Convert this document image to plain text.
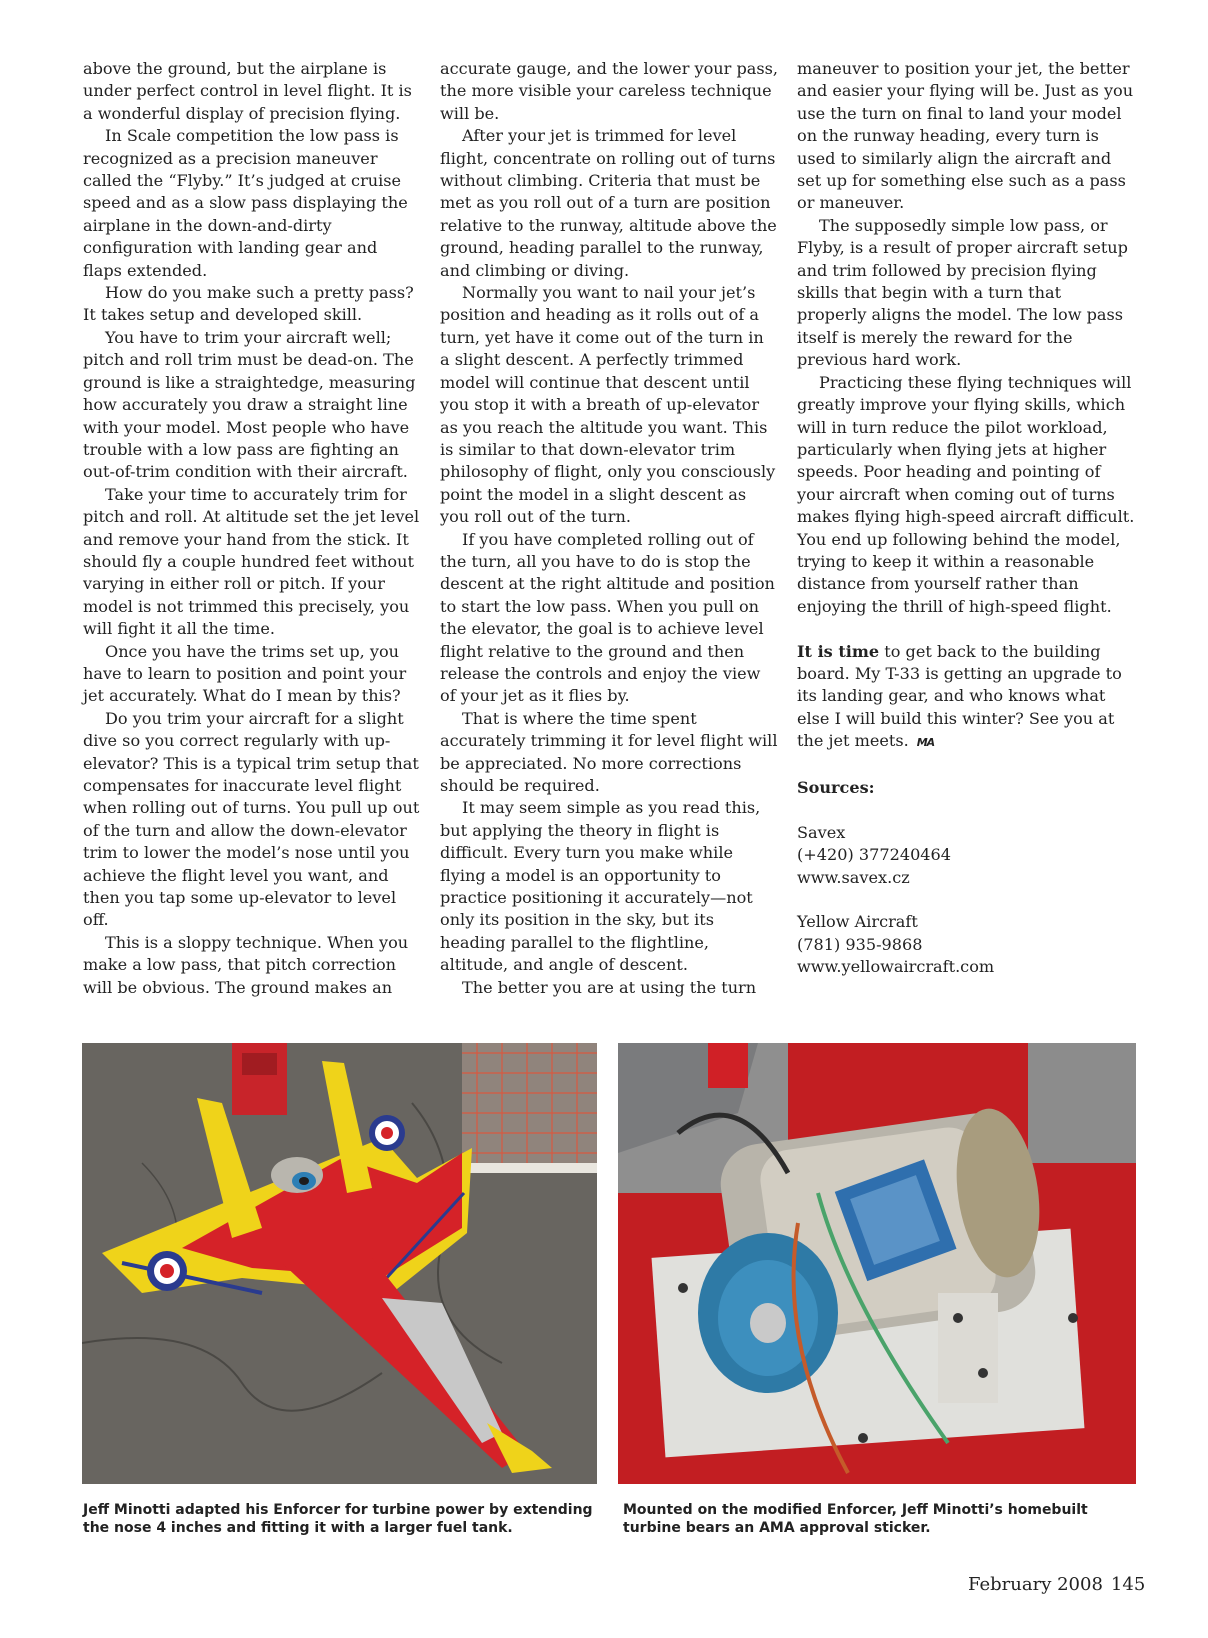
above the ground, but the airplane is under perfect control in level flight. It is a wonderful display of precision flying.

In Scale competition the low pass is recognized as a precision maneuver called the “Flyby.” It’s judged at cruise speed and as a slow pass displaying the airplane in the down-and-dirty configuration with landing gear and flaps extended.

How do you make such a pretty pass? It takes setup and developed skill.

You have to trim your aircraft well; pitch and roll trim must be dead-on. The ground is like a straightedge, measuring how accurately you draw a straight line with your model. Most people who have trouble with a low pass are fighting an out-of-trim condition with their aircraft.

Take your time to accurately trim for pitch and roll. At altitude set the jet level and remove your hand from the stick. It should fly a couple hundred feet without varying in either roll or pitch. If your model is not trimmed this precisely, you will fight it all the time.

Once you have the trims set up, you have to learn to position and point your jet accurately. What do I mean by this?

Do you trim your aircraft for a slight dive so you correct regularly with up-elevator? This is a typical trim setup that compensates for inaccurate level flight when rolling out of turns. You pull up out of the turn and allow the down-elevator trim to lower the model’s nose until you achieve the flight level you want, and then you tap some up-elevator to level off.

This is a sloppy technique. When you make a low pass, that pitch correction will be obvious. The ground makes an

accurate gauge, and the lower your pass, the more visible your careless technique will be.

After your jet is trimmed for level flight, concentrate on rolling out of turns without climbing. Criteria that must be met as you roll out of a turn are position relative to the runway, altitude above the ground, heading parallel to the runway, and climbing or diving.

Normally you want to nail your jet’s position and heading as it rolls out of a turn, yet have it come out of the turn in a slight descent. A perfectly trimmed model will continue that descent until you stop it with a breath of up-elevator as you reach the altitude you want. This is similar to that down-elevator trim philosophy of flight, only you consciously point the model in a slight descent as you roll out of the turn.

If you have completed rolling out of the turn, all you have to do is stop the descent at the right altitude and position to start the low pass. When you pull on the elevator, the goal is to achieve level flight relative to the ground and then release the controls and enjoy the view of your jet as it flies by.

That is where the time spent accurately trimming it for level flight will be appreciated. No more corrections should be required.

It may seem simple as you read this, but applying the theory in flight is difficult. Every turn you make while flying a model is an opportunity to practice positioning it accurately—not only its position in the sky, but its heading parallel to the flightline, altitude, and angle of descent.

The better you are at using the turn

maneuver to position your jet, the better and easier your flying will be. Just as you use the turn on final to land your model on the runway heading, every turn is used to similarly align the aircraft and set up for something else such as a pass or maneuver.

The supposedly simple low pass, or Flyby, is a result of proper aircraft setup and trim followed by precision flying skills that begin with a turn that properly aligns the model. The low pass itself is merely the reward for the previous hard work.

Practicing these flying techniques will greatly improve your flying skills, which will in turn reduce the pilot workload, particularly when flying jets at higher speeds. Poor heading and pointing of your aircraft when coming out of turns makes flying high-speed aircraft difficult. You end up following behind the model, trying to keep it within a reasonable distance from yourself rather than enjoying the thrill of high-speed flight.

It is time to get back to the building board. My T-33 is getting an upgrade to its landing gear, and who knows what else I will build this winter? See you at the jet meets. MA

Sources:

Savex
(+420) 377240464
www.savex.cz
Yellow Aircraft
(781) 935-9868
www.yellowaircraft.com
Jeff Minotti adapted his Enforcer for turbine power by extending the nose 4 inches and fitting it with a larger fuel tank.
Mounted on the modified Enforcer, Jeff Minotti’s homebuilt turbine bears an AMA approval sticker.
February 2008 145
